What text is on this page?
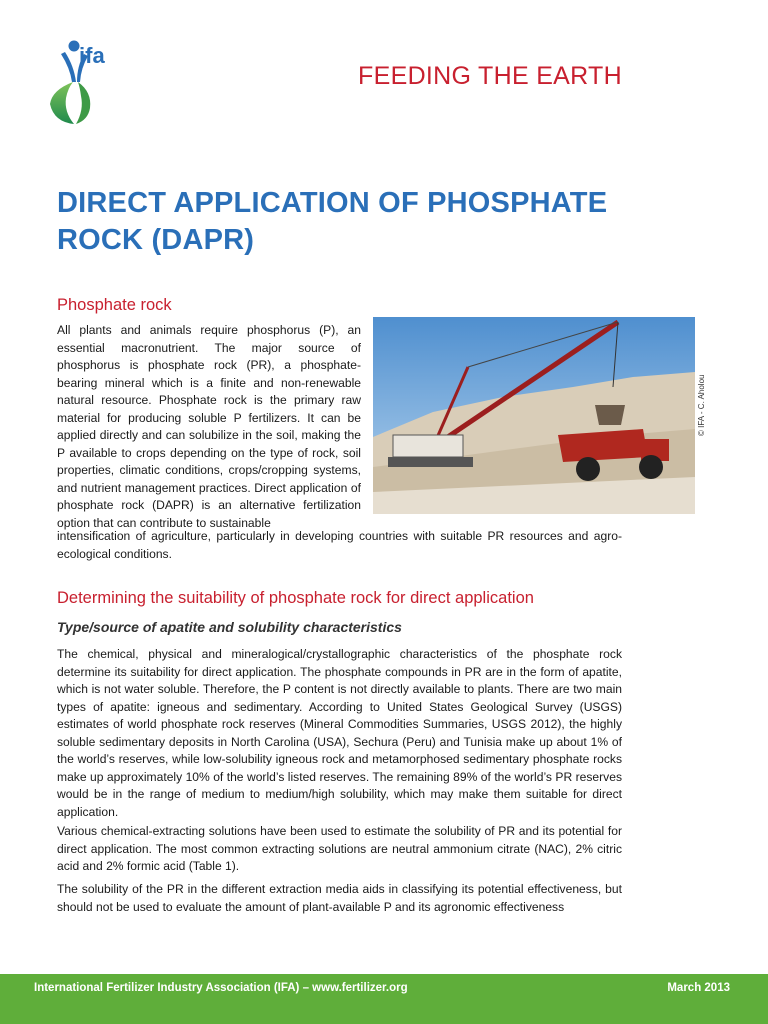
ifa
FEEDING THE EARTH
DIRECT APPLICATION OF PHOSPHATE ROCK (DAPR)
Phosphate rock

All plants and animals require phosphorus (P), an essential macronutrient. The major source of phosphorus is phosphate rock (PR), a phosphate-bearing mineral which is a finite and non-renewable natural resource. Phosphate rock is the primary raw material for producing soluble P fertilizers. It can be applied directly and can solubilize in the soil, making the P available to crops depending on the type of rock, soil properties, climatic conditions, crops/cropping systems, and nutrient management practices. Direct application of phosphate rock (DAPR) is an alternative fertilization option that can contribute to sustainable

intensification of agriculture, particularly in developing countries with suitable PR resources and agro-ecological conditions.

© IFA - C. Aholou
Determining the suitability of phosphate rock for direct application
Type/source of apatite and solubility characteristics

The chemical, physical and mineralogical/crystallographic characteristics of the phosphate rock determine its suitability for direct application. The phosphate compounds in PR are in the form of apatite, which is not water soluble. Therefore, the P content is not directly available to plants. There are two main types of apatite: igneous and sedimentary. According to United States Geological Survey (USGS) estimates of world phosphate rock reserves (Mineral Commodities Summaries, USGS 2012), the highly soluble sedimentary deposits in North Carolina (USA), Sechura (Peru) and Tunisia make up about 1% of the world’s reserves, while low-solubility igneous rock and metamorphosed sedimentary phosphate rocks make up approximately 10% of the world’s listed reserves. The remaining 89% of the world’s PR reserves would be in the range of medium to medium/high solubility, which may make them suitable for direct application.

Various chemical-extracting solutions have been used to estimate the solubility of PR and its potential for direct application. The most common extracting solutions are neutral ammonium citrate (NAC), 2% citric acid and 2% formic acid (Table 1).

The solubility of the PR in the different extraction media aids in classifying its potential effectiveness, but should not be used to evaluate the amount of plant-available P and its agronomic effectiveness

International Fertilizer Industry Association (IFA) – www.fertilizer.org	March 2013
